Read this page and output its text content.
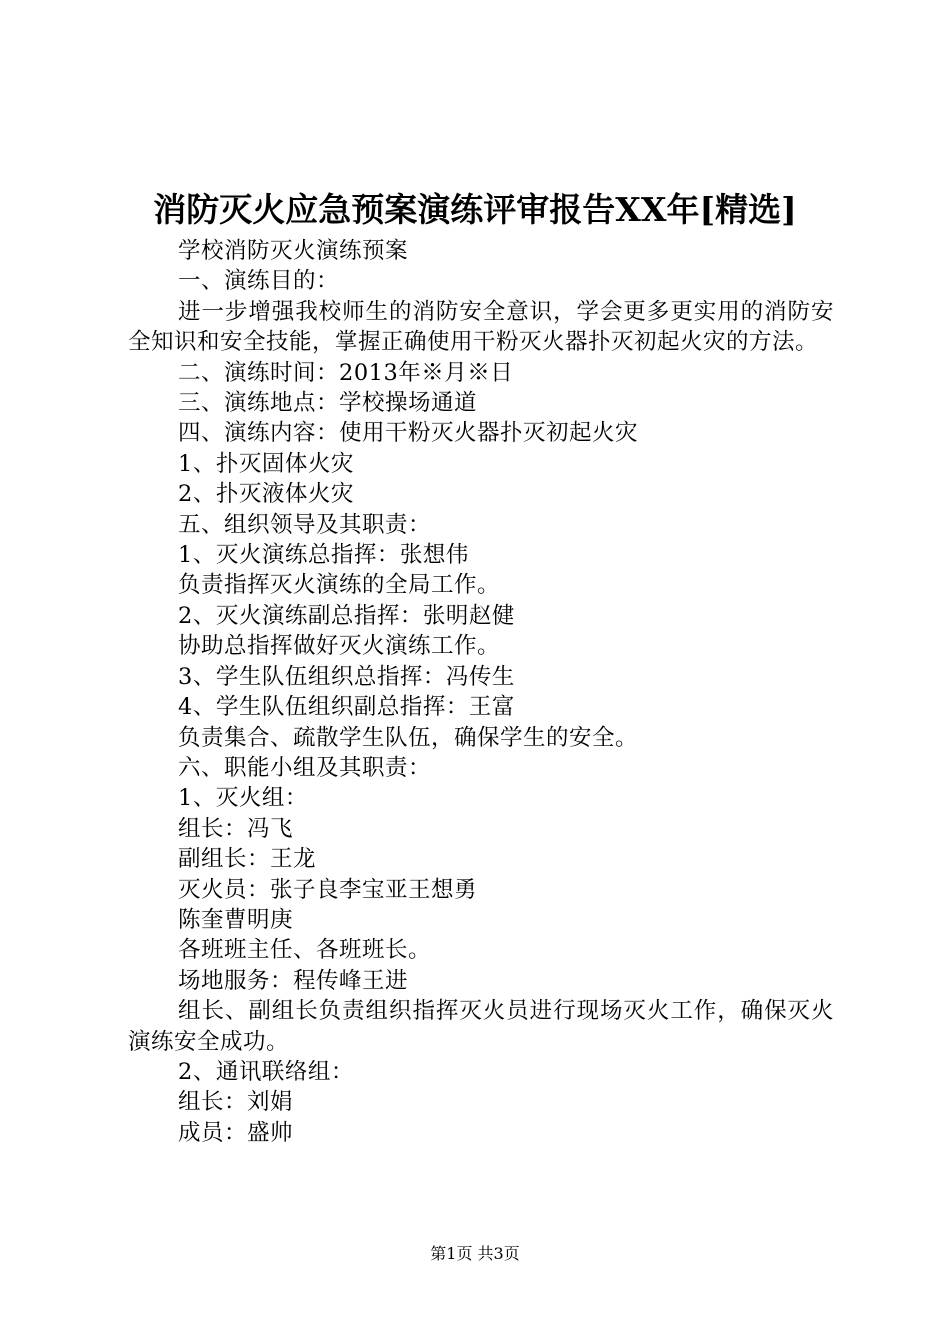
消防灭火应急预案演练评审报告XX年[精选]

学校消防灭火演练预案

一、演练目的：

进一步增强我校师生的消防安全意识，学会更多更实用的消防安全知识和安全技能，掌握正确使用干粉灭火器扑灭初起火灾的方法。

二、演练时间：2013年※月※日

三、演练地点：学校操场通道

四、演练内容：使用干粉灭火器扑灭初起火灾

1、扑灭固体火灾

2、扑灭液体火灾

五、组织领导及其职责：

1、灭火演练总指挥：张想伟

负责指挥灭火演练的全局工作。

2、灭火演练副总指挥：张明赵健

协助总指挥做好灭火演练工作。

3、学生队伍组织总指挥：冯传生

4、学生队伍组织副总指挥：王富

负责集合、疏散学生队伍，确保学生的安全。

六、职能小组及其职责：

1、灭火组：

组长：冯飞

副组长：王龙

灭火员：张子良李宝亚王想勇

陈奎曹明庚

各班班主任、各班班长。

场地服务：程传峰王进

组长、副组长负责组织指挥灭火员进行现场灭火工作，确保灭火演练安全成功。

2、通讯联络组：

组长：刘娟

成员：盛帅

第1页 共3页
